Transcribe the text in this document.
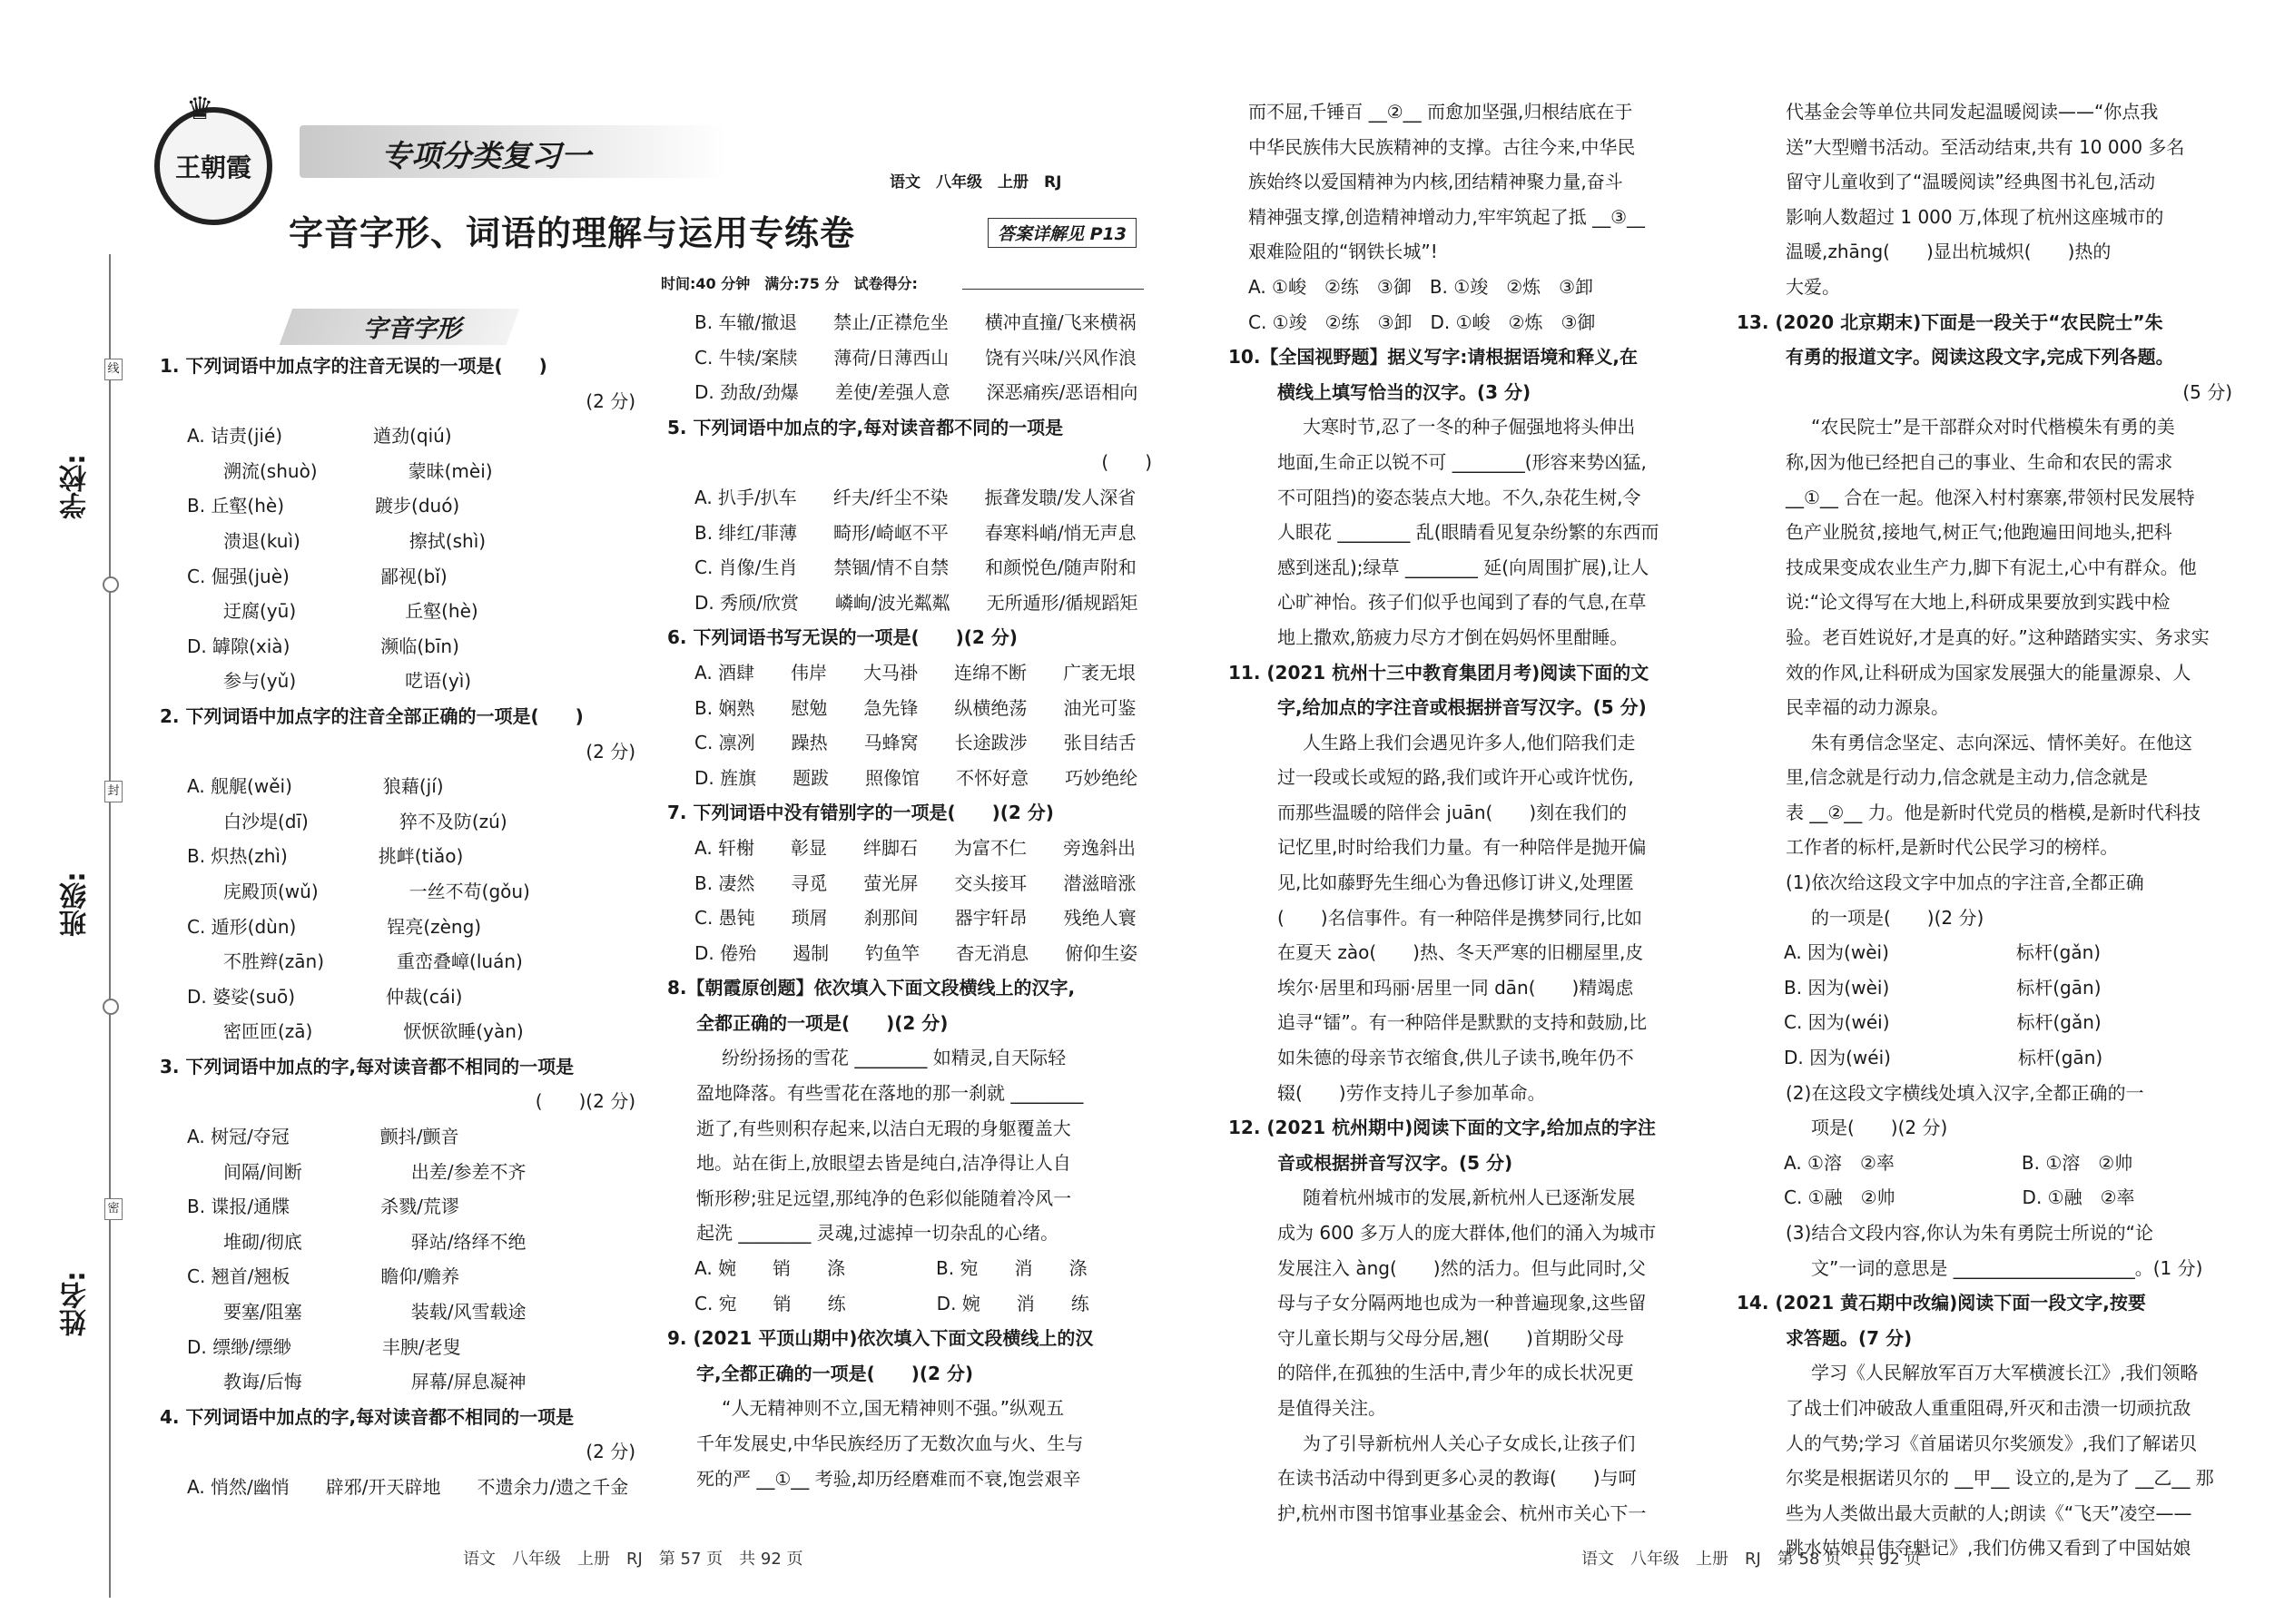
线
封
密
学校:
班级:
姓名:
王朝霞
♛
专项分类复习一
字音字形、词语的理解与运用专练卷
语文　八年级　上册　RJ
答案详解见 P13
时间:40 分钟　满分:75 分　试卷得分:
字音字形

1. 下列词语中加点字的注音无误的一项是(　　)

(2 分)

A. 诘责(jié)　　　　　遒劲(qiú)

溯流(shuò)　　　　　蒙昧(mèi)

B. 丘壑(hè)　　　　　踱步(duó)

溃退(kuì)　　　　　　擦拭(shì)

C. 倔强(juè)　　　　　鄙视(bǐ)

迂腐(yū)　　　　　　丘壑(hè)

D. 罅隙(xià)　　　　　濒临(bīn)

参与(yǔ)　　　　　　呓语(yì)

2. 下列词语中加点字的注音全部正确的一项是(　　)

(2 分)

A. 舰艉(wěi)　　　　　狼藉(jí)

白沙堤(dī)　　　　　猝不及防(zú)

B. 炽热(zhì)　　　　　挑衅(tiǎo)

庑殿顶(wǔ)　　　　　一丝不苟(gǒu)

C. 遁形(dùn)　　　　　锃亮(zèng)

不胜辫(zān)　　　　重峦叠嶂(luán)

D. 婆娑(suō)　　　　　仲裁(cái)

密匝匝(zā)　　　　　恹恹欲睡(yàn)

3. 下列词语中加点的字,每对读音都不相同的一项是

(　　)(2 分)

A. 树冠/夺冠　　　　　颤抖/颤音

间隔/间断　　　　　　出差/参差不齐

B. 谍报/通牒　　　　　杀戮/荒谬

堆砌/彻底　　　　　　驿站/络绎不绝

C. 翘首/翘板　　　　　瞻仰/赡养

要塞/阻塞　　　　　　装载/风雪载途

D. 缥缈/缥缈　　　　　丰腴/老叟

教诲/后悔　　　　　　屏幕/屏息凝神

4. 下列词语中加点的字,每对读音都不相同的一项是

(2 分)

A. 悄然/幽悄　　辟邪/开天辟地　　不遗余力/遗之千金

B. 车辙/撤退　　禁止/正襟危坐　　横冲直撞/飞来横祸

C. 牛犊/案牍　　薄荷/日薄西山　　饶有兴味/兴风作浪

D. 劲敌/劲爆　　差使/差强人意　　深恶痛疾/恶语相向

5. 下列词语中加点的字,每对读音都不同的一项是

(　　)

A. 扒手/扒车　　纤夫/纤尘不染　　振聋发聩/发人深省

B. 绯红/菲薄　　畸形/崎岖不平　　春寒料峭/悄无声息

C. 肖像/生肖　　禁锢/情不自禁　　和颜悦色/随声附和

D. 秀颀/欣赏　　嶙峋/波光粼粼　　无所遁形/循规蹈矩

6. 下列词语书写无误的一项是(　　)(2 分)

A. 酒肆　　伟岸　　大马褂　　连绵不断　　广袤无垠

B. 娴熟　　慰勉　　急先锋　　纵横绝荡　　油光可鉴

C. 凛冽　　躁热　　马蜂窝　　长途跋涉　　张目结舌

D. 旌旗　　题跋　　照像馆　　不怀好意　　巧妙绝纶

7. 下列词语中没有错别字的一项是(　　)(2 分)

A. 轩榭　　彰显　　绊脚石　　为富不仁　　旁逸斜出

B. 凄然　　寻觅　　萤光屏　　交头接耳　　潜滋暗涨

C. 愚钝　　琐屑　　刹那间　　器宇轩昂　　残绝人寰

D. 倦殆　　遏制　　钓鱼竿　　杳无消息　　俯仰生姿

8.【朝霞原创题】依次填入下面文段横线上的汉字,

全都正确的一项是(　　)(2 分)

纷纷扬扬的雪花 ________ 如精灵,自天际轻

盈地降落。有些雪花在落地的那一刹就 ________

逝了,有些则积存起来,以洁白无瑕的身躯覆盖大

地。站在街上,放眼望去皆是纯白,洁净得让人自

惭形秽;驻足远望,那纯净的色彩似能随着冷风一

起洗 ________ 灵魂,过滤掉一切杂乱的心绪。

A. 婉　　销　　涤　　　　　B. 宛　　消　　涤

C. 宛　　销　　练　　　　　D. 婉　　消　　练

9. (2021 平顶山期中)依次填入下面文段横线上的汉

字,全都正确的一项是(　　)(2 分)

“人无精神则不立,国无精神则不强。”纵观五

千年发展史,中华民族经历了无数次血与火、生与

死的严 __①__ 考验,却历经磨难而不衰,饱尝艰辛

而不屈,千锤百 __②__ 而愈加坚强,归根结底在于

中华民族伟大民族精神的支撑。古往今来,中华民

族始终以爱国精神为内核,团结精神聚力量,奋斗

精神强支撑,创造精神增动力,牢牢筑起了抵 __③__

艰难险阻的“钢铁长城”!

A. ①峻　②练　③御　B. ①竣　②炼　③卸

C. ①竣　②练　③卸　D. ①峻　②炼　③御

10.【全国视野题】据义写字:请根据语境和释义,在

横线上填写恰当的汉字。(3 分)

大寒时节,忍了一冬的种子倔强地将头伸出

地面,生命正以锐不可 ________(形容来势凶猛,

不可阻挡)的姿态装点大地。不久,杂花生树,令

人眼花 ________ 乱(眼睛看见复杂纷繁的东西而

感到迷乱);绿草 ________ 延(向周围扩展),让人

心旷神怡。孩子们似乎也闻到了春的气息,在草

地上撒欢,筋疲力尽方才倒在妈妈怀里酣睡。

11. (2021 杭州十三中教育集团月考)阅读下面的文

字,给加点的字注音或根据拼音写汉字。(5 分)

人生路上我们会遇见许多人,他们陪我们走

过一段或长或短的路,我们或许开心或许忧伤,

而那些温暖的陪伴会 juān(　　)刻在我们的

记忆里,时时给我们力量。有一种陪伴是抛开偏

见,比如藤野先生细心为鲁迅修订讲义,处理匿

(　　)名信事件。有一种陪伴是携梦同行,比如

在夏天 zào(　　)热、冬天严寒的旧棚屋里,皮

埃尔·居里和玛丽·居里一同 dān(　　)精竭虑

追寻“镭”。有一种陪伴是默默的支持和鼓励,比

如朱德的母亲节衣缩食,供儿子读书,晚年仍不

辍(　　)劳作支持儿子参加革命。

12. (2021 杭州期中)阅读下面的文字,给加点的字注

音或根据拼音写汉字。(5 分)

随着杭州城市的发展,新杭州人已逐渐发展

成为 600 多万人的庞大群体,他们的涌入为城市

发展注入 àng(　　)然的活力。但与此同时,父

母与子女分隔两地也成为一种普遍现象,这些留

守儿童长期与父母分居,翘(　　)首期盼父母

的陪伴,在孤独的生活中,青少年的成长状况更

是值得关注。

为了引导新杭州人关心子女成长,让孩子们

在读书活动中得到更多心灵的教诲(　　)与呵

护,杭州市图书馆事业基金会、杭州市关心下一

代基金会等单位共同发起温暖阅读——“你点我

送”大型赠书活动。至活动结束,共有 10 000 多名

留守儿童收到了“温暖阅读”经典图书礼包,活动

影响人数超过 1 000 万,体现了杭州这座城市的

温暖,zhāng(　　)显出杭城炽(　　)热的

大爱。

13. (2020 北京期末)下面是一段关于“农民院士”朱

有勇的报道文字。阅读这段文字,完成下列各题。

(5 分)

“农民院士”是干部群众对时代楷模朱有勇的美

称,因为他已经把自己的事业、生命和农民的需求

__①__ 合在一起。他深入村村寨寨,带领村民发展特

色产业脱贫,接地气,树正气;他跑遍田间地头,把科

技成果变成农业生产力,脚下有泥土,心中有群众。他

说:“论文得写在大地上,科研成果要放到实践中检

验。老百姓说好,才是真的好。”这种踏踏实实、务求实

效的作风,让科研成为国家发展强大的能量源泉、人

民幸福的动力源泉。

朱有勇信念坚定、志向深远、情怀美好。在他这

里,信念就是行动力,信念就是主动力,信念就是

表 __②__ 力。他是新时代党员的楷模,是新时代科技

工作者的标杆,是新时代公民学习的榜样。

(1)依次给这段文字中加点的字注音,全都正确

的一项是(　　)(2 分)

A. 因为(wèi)　　　　　　　标杆(gǎn)

B. 因为(wèi)　　　　　　　标杆(gān)

C. 因为(wéi)　　　　　　　标杆(gǎn)

D. 因为(wéi)　　　　　　　标杆(gān)

(2)在这段文字横线处填入汉字,全都正确的一

项是(　　)(2 分)

A. ①溶　②率　　　　　　　B. ①溶　②帅

C. ①融　②帅　　　　　　　D. ①融　②率

(3)结合文段内容,你认为朱有勇院士所说的“论

文”一词的意思是 ____________________。(1 分)

14. (2021 黄石期中改编)阅读下面一段文字,按要

求答题。(7 分)

学习《人民解放军百万大军横渡长江》,我们领略

了战士们冲破敌人重重阻碍,歼灭和击溃一切顽抗敌

人的气势;学习《首届诺贝尔奖颁发》,我们了解诺贝

尔奖是根据诺贝尔的 __甲__ 设立的,是为了 __乙__ 那

些为人类做出最大贡献的人;朗读《“飞天”凌空——

跳水姑娘吕伟夺魁记》,我们仿佛又看到了中国姑娘

语文　八年级　上册　RJ　第 57 页　共 92 页	语文　八年级　上册　RJ　第 58 页　共 92 页
